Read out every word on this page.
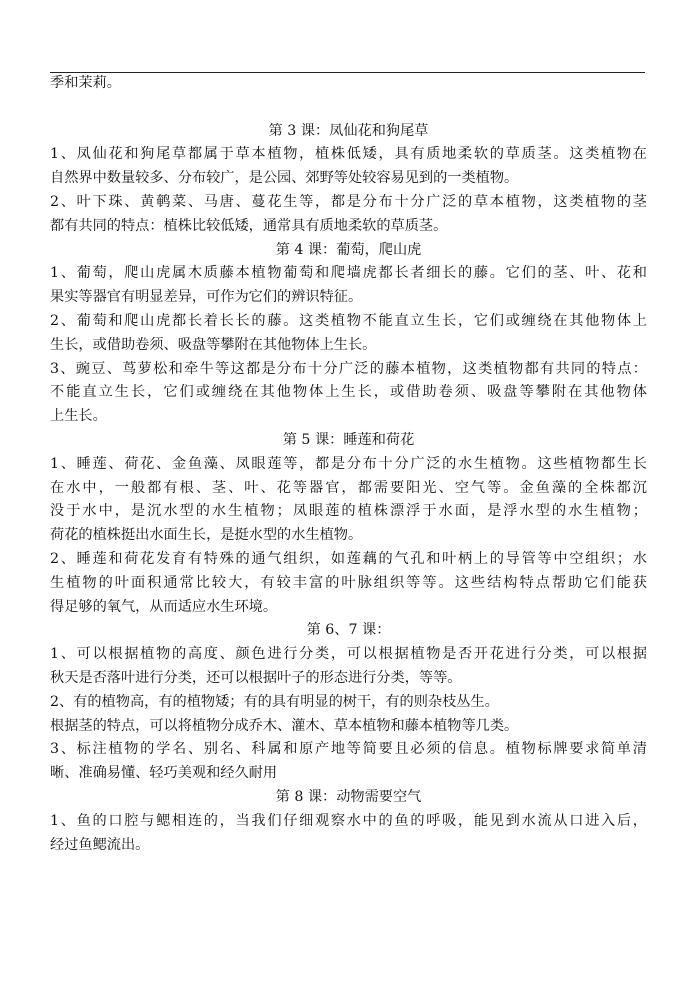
季和茉莉。
第 3 课：凤仙花和狗尾草
1、凤仙花和狗尾草都属于草本植物，植株低矮，具有质地柔软的草质茎。这类植物在
自然界中数量较多、分布较广，是公园、郊野等处较容易见到的一类植物。
2、叶下珠、黄鹌菜、马唐、蔓花生等，都是分布十分广泛的草本植物，这类植物的茎
都有共同的特点：植株比较低矮，通常具有质地柔软的草质茎。
第 4 课：葡萄，爬山虎
1、葡萄，爬山虎属木质藤本植物葡萄和爬墙虎都长者细长的藤。它们的茎、叶、花和
果实等器官有明显差异，可作为它们的辨识特征。
2、葡萄和爬山虎都长着长长的藤。这类植物不能直立生长，它们或缠绕在其他物体上
生长，或借助卷须、吸盘等攀附在其他物体上生长。
3、豌豆、茑萝松和牵牛等这都是分布十分广泛的藤本植物，这类植物都有共同的特点：
不能直立生长，它们或缠绕在其他物体上生长，或借助卷须、吸盘等攀附在其他物体
上生长。
第 5 课：睡莲和荷花
1、睡莲、荷花、金鱼藻、凤眼莲等，都是分布十分广泛的水生植物。这些植物都生长
在水中，一般都有根、茎、叶、花等器官，都需要阳光、空气等。金鱼藻的全株都沉
没于水中，是沉水型的水生植物；凤眼莲的植株漂浮于水面，是浮水型的水生植物；
荷花的植株挺出水面生长，是挺水型的水生植物。
2、睡莲和荷花发育有特殊的通气组织，如莲藕的气孔和叶柄上的导管等中空组织；水
生植物的叶面积通常比较大，有较丰富的叶脉组织等等。这些结构特点帮助它们能获
得足够的氧气，从而适应水生环境。
第 6、7 课：
1、可以根据植物的高度、颜色进行分类，可以根据植物是否开花进行分类，可以根据
秋天是否落叶进行分类，还可以根据叶子的形态进行分类，等等。
2、有的植物高，有的植物矮；有的具有明显的树干，有的则杂枝丛生。
根据茎的特点，可以将植物分成乔木、灌木、草本植物和藤本植物等几类。
3、标注植物的学名、别名、科属和原产地等简要且必须的信息。植物标牌要求简单清
晰、准确易懂、轻巧美观和经久耐用
第 8 课：动物需要空气
1、鱼的口腔与鳃相连的，当我们仔细观察水中的鱼的呼吸，能见到水流从口进入后，
经过鱼鳃流出。
